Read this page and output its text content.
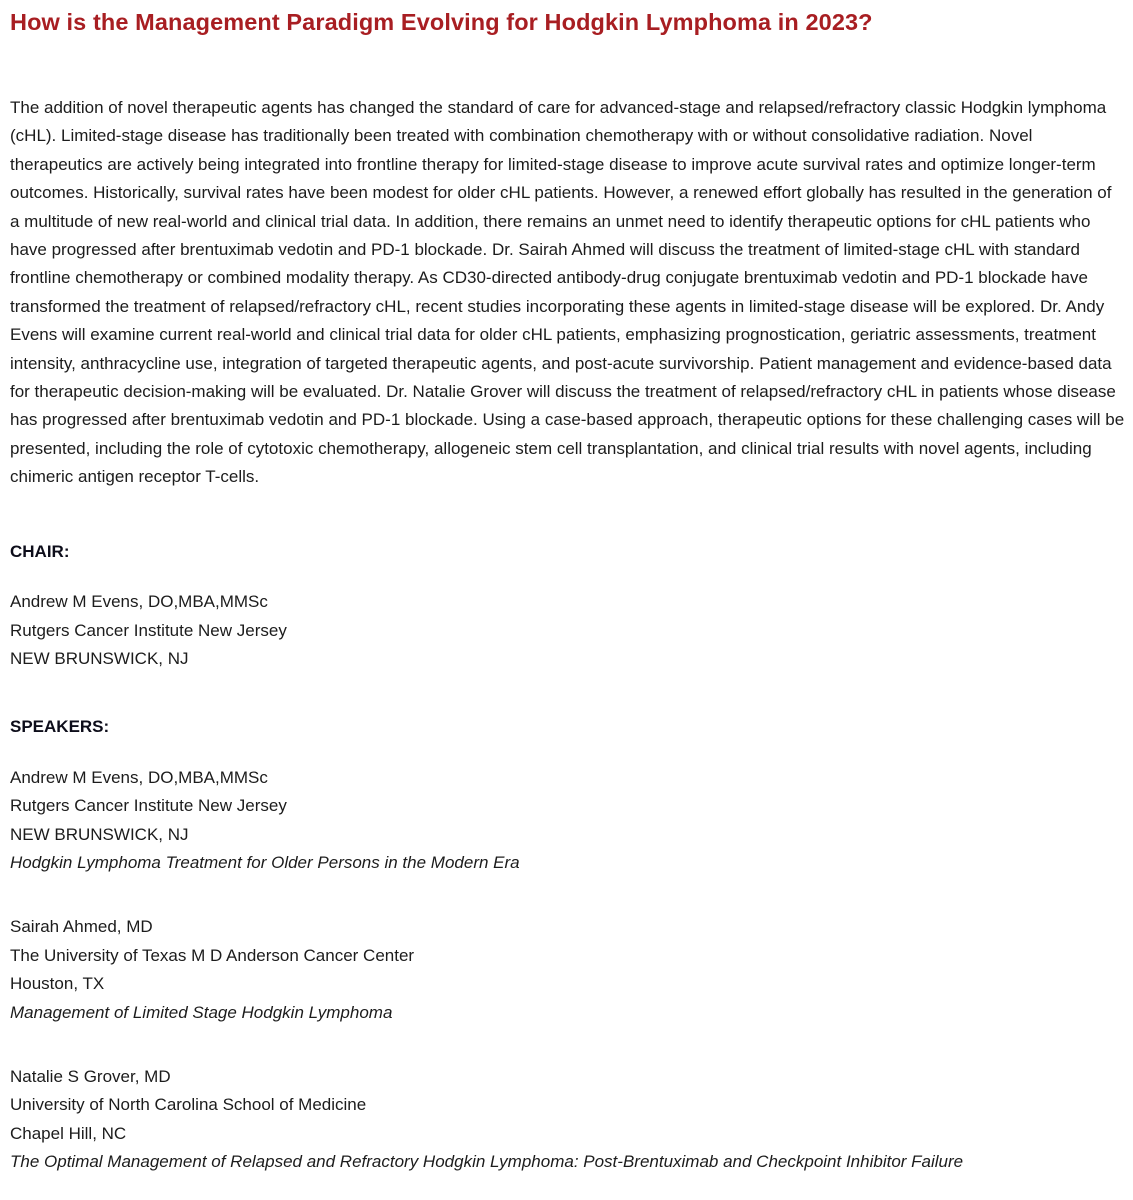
How is the Management Paradigm Evolving for Hodgkin Lymphoma in 2023?

The addition of novel therapeutic agents has changed the standard of care for advanced-stage and relapsed/refractory classic Hodgkin lymphoma (cHL). Limited-stage disease has traditionally been treated with combination chemotherapy with or without consolidative radiation. Novel therapeutics are actively being integrated into frontline therapy for limited-stage disease to improve acute survival rates and optimize longer-term outcomes. Historically, survival rates have been modest for older cHL patients. However, a renewed effort globally has resulted in the generation of a multitude of new real-world and clinical trial data. In addition, there remains an unmet need to identify therapeutic options for cHL patients who have progressed after brentuximab vedotin and PD-1 blockade. Dr. Sairah Ahmed will discuss the treatment of limited-stage cHL with standard frontline chemotherapy or combined modality therapy. As CD30-directed antibody-drug conjugate brentuximab vedotin and PD-1 blockade have transformed the treatment of relapsed/refractory cHL, recent studies incorporating these agents in limited-stage disease will be explored. Dr. Andy Evens will examine current real-world and clinical trial data for older cHL patients, emphasizing prognostication, geriatric assessments, treatment intensity, anthracycline use, integration of targeted therapeutic agents, and post-acute survivorship. Patient management and evidence-based data for therapeutic decision-making will be evaluated. Dr. Natalie Grover will discuss the treatment of relapsed/refractory cHL in patients whose disease has progressed after brentuximab vedotin and PD-1 blockade. Using a case-based approach, therapeutic options for these challenging cases will be presented, including the role of cytotoxic chemotherapy, allogeneic stem cell transplantation, and clinical trial results with novel agents, including chimeric antigen receptor T-cells.

CHAIR:
Andrew M Evens, DO,MBA,MMSc
Rutgers Cancer Institute New Jersey
NEW BRUNSWICK, NJ
SPEAKERS:
Andrew M Evens, DO,MBA,MMSc
Rutgers Cancer Institute New Jersey
NEW BRUNSWICK, NJ
Hodgkin Lymphoma Treatment for Older Persons in the Modern Era
Sairah Ahmed, MD
The University of Texas M D Anderson Cancer Center
Houston, TX
Management of Limited Stage Hodgkin Lymphoma
Natalie S Grover, MD
University of North Carolina School of Medicine
Chapel Hill, NC
The Optimal Management of Relapsed and Refractory Hodgkin Lymphoma: Post-Brentuximab and Checkpoint Inhibitor Failure
